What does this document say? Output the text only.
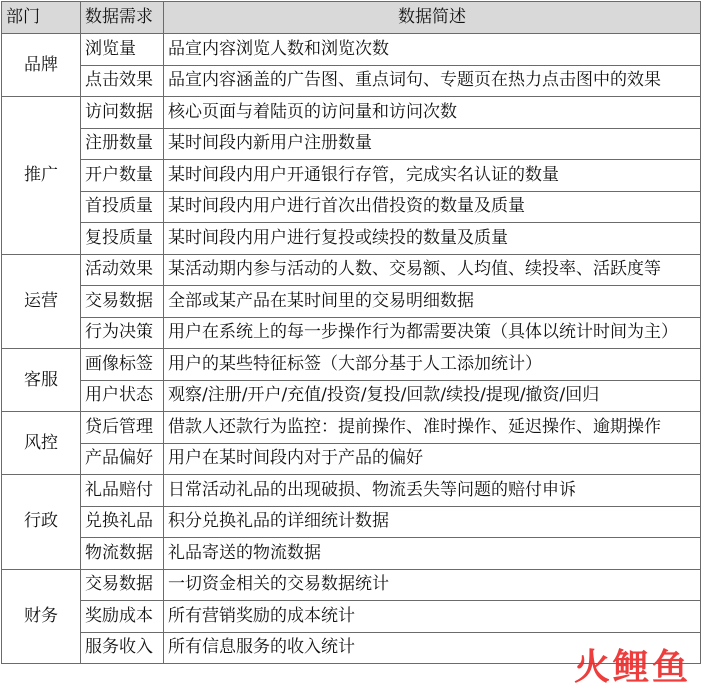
部门	数据需求	数据简述
品牌	浏览量	品宣内容浏览人数和浏览次数
	点击效果	品宣内容涵盖的广告图、重点词句、专题页在热力点击图中的效果
推广	访问数据	核心页面与着陆页的访问量和访问次数
	注册数量	某时间段内新用户注册数量
	开户数量	某时间段内用户开通银行存管，完成实名认证的数量
	首投质量	某时间段内用户进行首次出借投资的数量及质量
	复投质量	某时间段内用户进行复投或续投的数量及质量
运营	活动效果	某活动期内参与活动的人数、交易额、人均值、续投率、活跃度等
	交易数据	全部或某产品在某时间里的交易明细数据
	行为决策	用户在系统上的每一步操作行为都需要决策（具体以统计时间为主）
客服	画像标签	用户的某些特征标签（大部分基于人工添加统计）
	用户状态	观察/注册/开户/充值/投资/复投/回款/续投/提现/撤资/回归
风控	贷后管理	借款人还款行为监控：提前操作、准时操作、延迟操作、逾期操作
	产品偏好	用户在某时间段内对于产品的偏好
行政	礼品赔付	日常活动礼品的出现破损、物流丢失等问题的赔付申诉
	兑换礼品	积分兑换礼品的详细统计数据
	物流数据	礼品寄送的物流数据
财务	交易数据	一切资金相关的交易数据统计
	奖励成本	所有营销奖励的成本统计
	服务收入	所有信息服务的收入统计	火 鲤 鱼
